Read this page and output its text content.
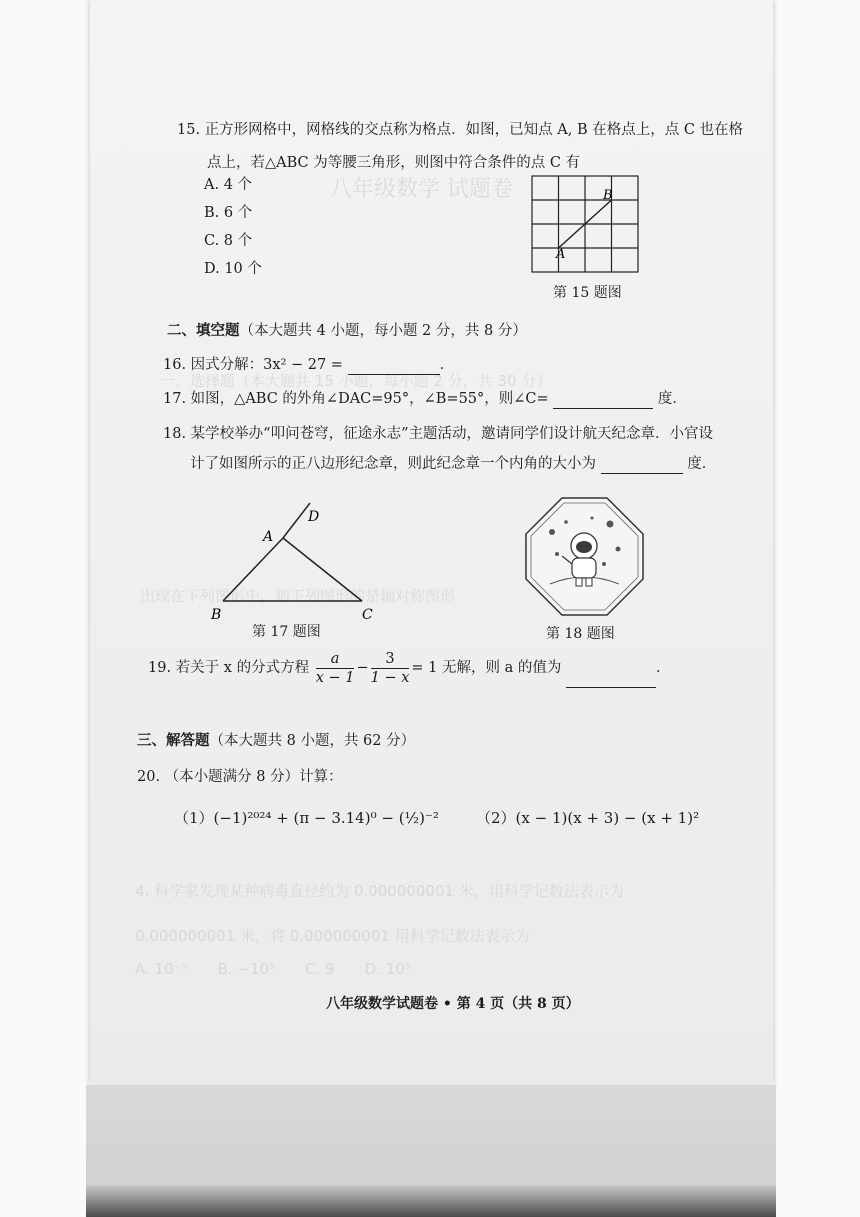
八年级数学 试题卷
一、选择题（本大题共 15 小题，每小题 2 分，共 30 分）
出现在下列图形中，则下列图形的是轴对称图形
4. 科学家发现某种病毒直径约为 0.000000001 米，用科学记数法表示为
0.000000001 米，将 0.000000001 用科学记数法表示为
A. 10⁻⁹　　B. −10⁹　　C. 9　　D. 10⁹
15. 正方形网格中，网格线的交点称为格点．如图，已知点 A, B 在格点上，点 C 也在格
点上，若△ABC 为等腰三角形，则图中符合条件的点 C 有
A. 4 个
B. 6 个
C. 8 个
D. 10 个
B
A
第 15 题图
二、填空题（本大题共 4 小题，每小题 2 分，共 8 分）
16. 因式分解：3x² − 27 =	．
17. 如图，△ABC 的外角∠DAC=95°，∠B=55°，则∠C=	度．
18. 某学校举办“叩问苍穹，征途永志”主题活动，邀请同学们设计航天纪念章．小官设
计了如图所示的正八边形纪念章，则此纪念章一个内角的大小为	度．
A
D
B	C
第 17 题图	第 18 题图
19. 若关于 x 的分式方程 $\frac{a}{x - 1} - \frac{3}{1 - x} = 1$ 无解，则 a 的值为	．
三、解答题（本大题共 8 小题，共 62 分）
20. （本小题满分 8 分）计算：
（1）(−1)²⁰²⁴ + (π − 3.14)⁰ − (½)⁻² （2）(x − 1)(x + 3) − (x + 1)²
八年级数学试题卷 • 第 4 页（共 8 页）
